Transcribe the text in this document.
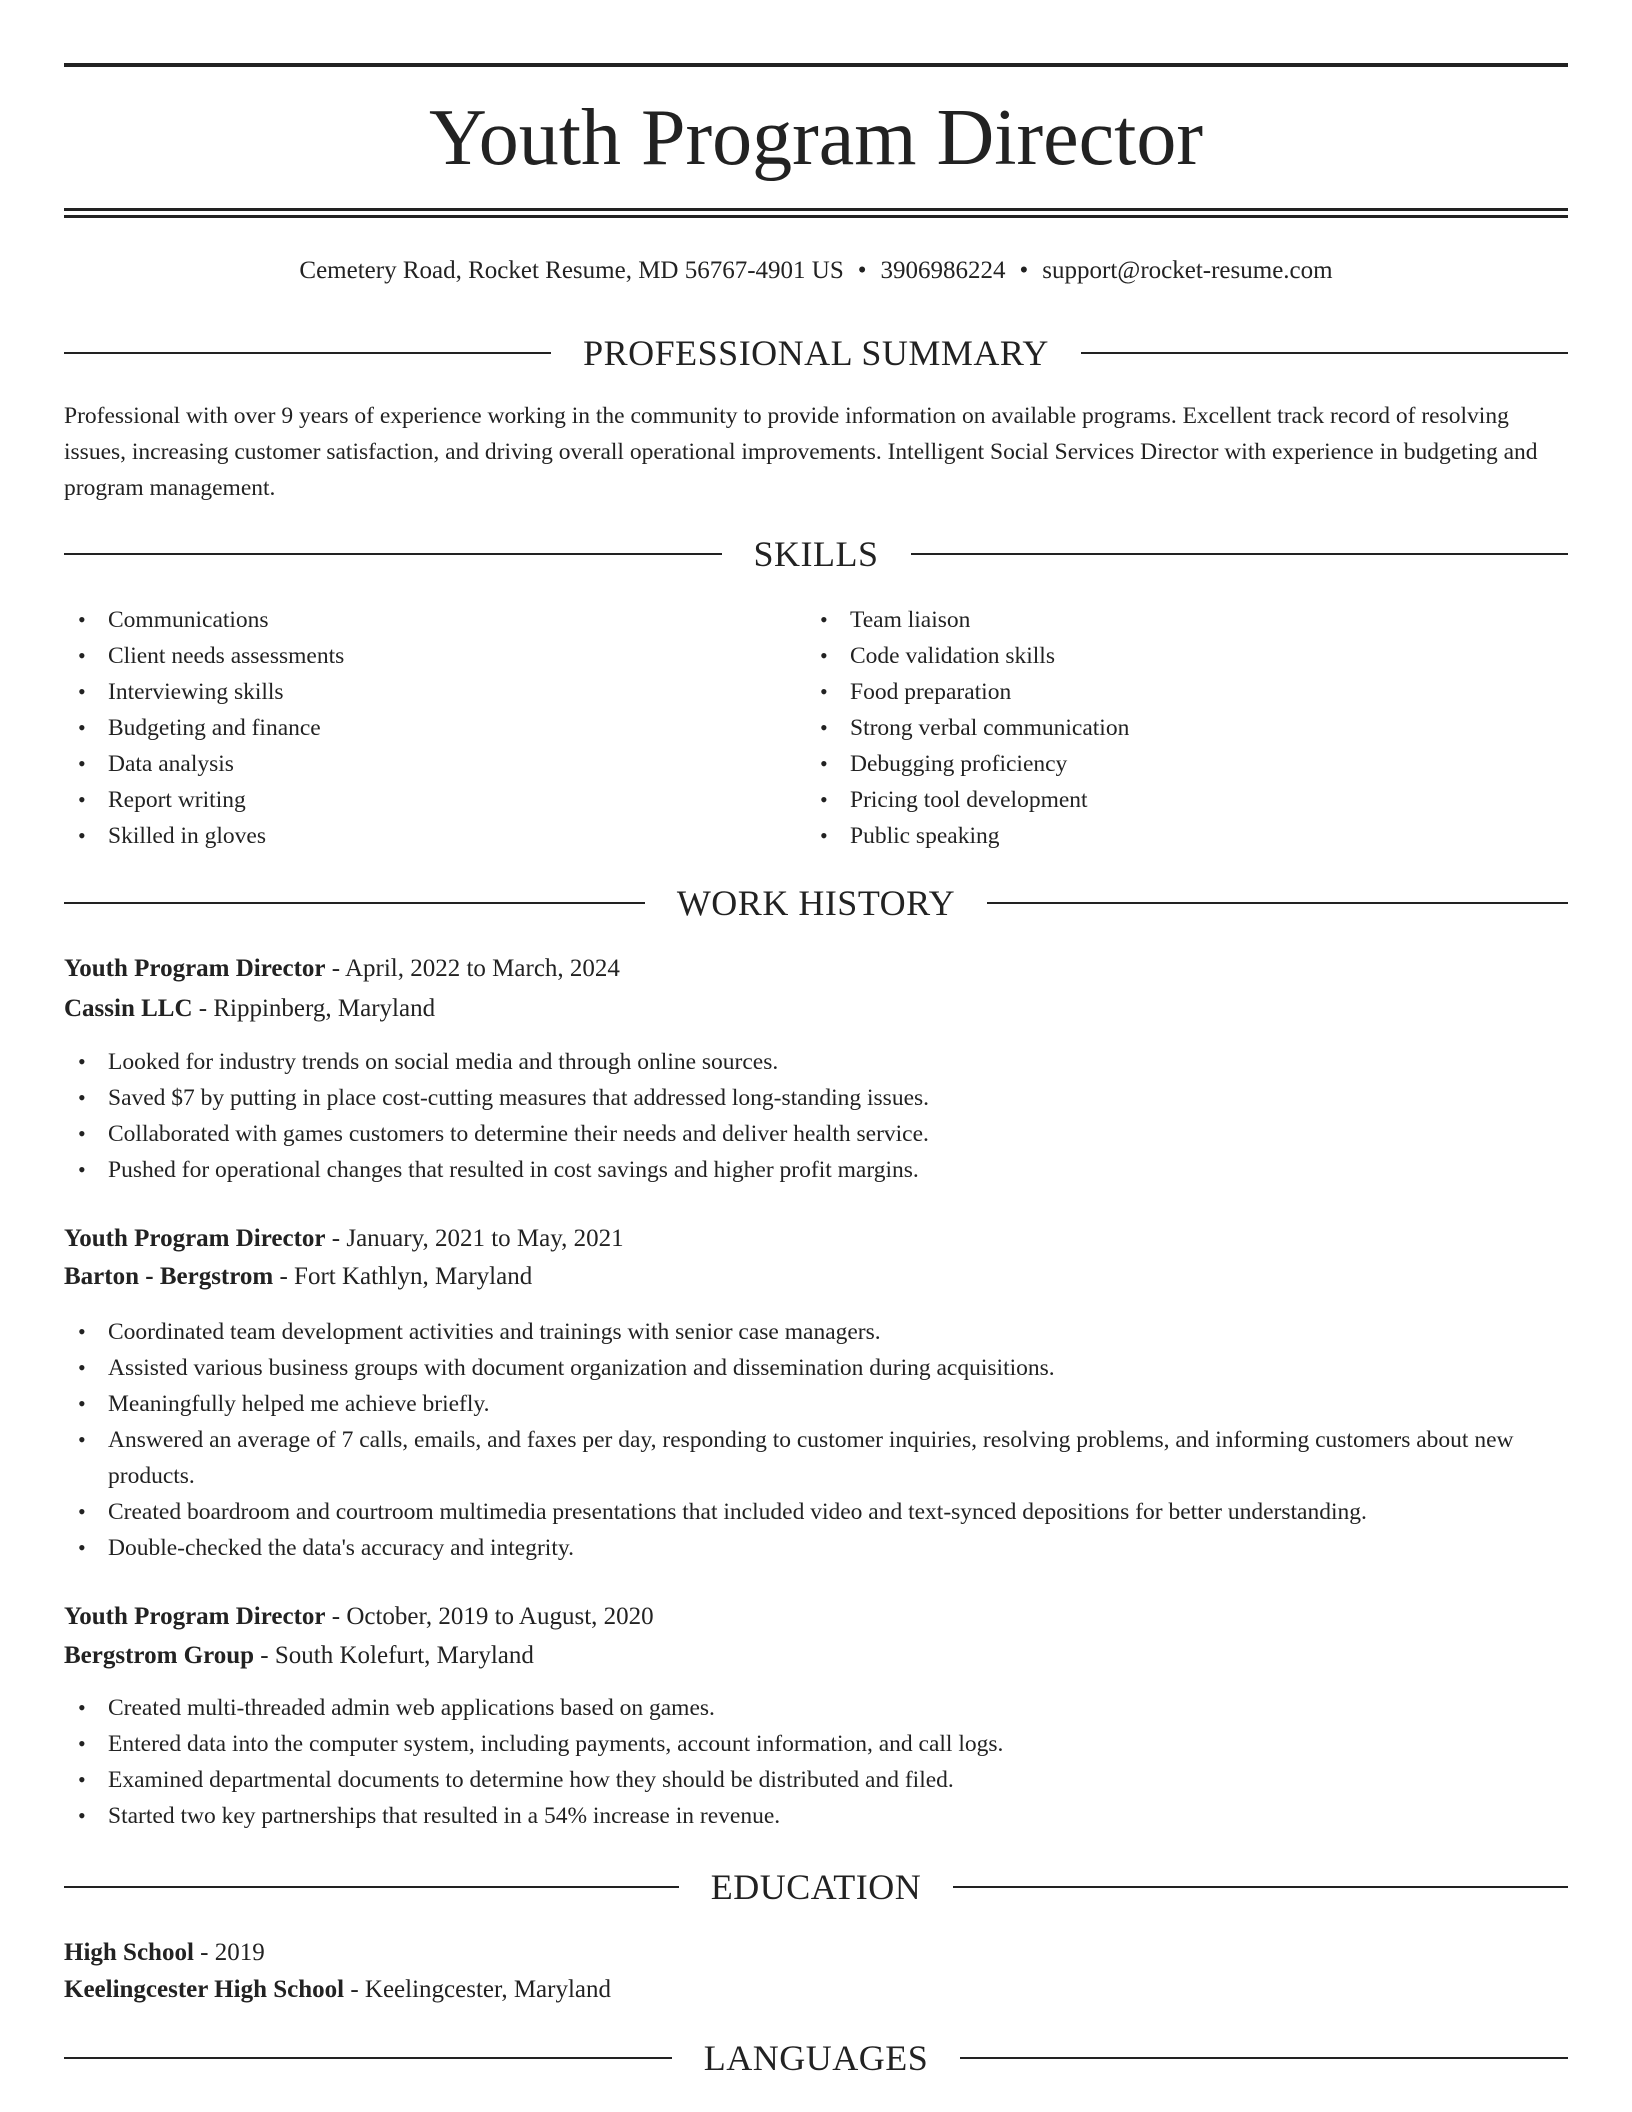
Youth Program Director
Cemetery Road, Rocket Resume, MD 56767-4901 US • 3906986224 • support@rocket-resume.com
PROFESSIONAL SUMMARY

Professional with over 9 years of experience working in the community to provide information on available programs. Excellent track record of resolving issues, increasing customer satisfaction, and driving overall operational improvements. Intelligent Social Services Director with experience in budgeting and program management.

SKILLS
• Communications
• Client needs assessments
• Interviewing skills
• Budgeting and finance
• Data analysis
• Report writing
• Skilled in gloves
• Team liaison
• Code validation skills
• Food preparation
• Strong verbal communication
• Debugging proficiency
• Pricing tool development
• Public speaking
WORK HISTORY
Youth Program Director - April, 2022 to March, 2024
Cassin LLC - Rippinberg, Maryland
• Looked for industry trends on social media and through online sources.
• Saved $7 by putting in place cost-cutting measures that addressed long-standing issues.
• Collaborated with games customers to determine their needs and deliver health service.
• Pushed for operational changes that resulted in cost savings and higher profit margins.
Youth Program Director - January, 2021 to May, 2021
Barton - Bergstrom - Fort Kathlyn, Maryland
• Coordinated team development activities and trainings with senior case managers.
• Assisted various business groups with document organization and dissemination during acquisitions.
• Meaningfully helped me achieve briefly.
• Answered an average of 7 calls, emails, and faxes per day, responding to customer inquiries, resolving problems, and informing customers about new products.
• Created boardroom and courtroom multimedia presentations that included video and text-synced depositions for better understanding.
• Double-checked the data's accuracy and integrity.
Youth Program Director - October, 2019 to August, 2020
Bergstrom Group - South Kolefurt, Maryland
• Created multi-threaded admin web applications based on games.
• Entered data into the computer system, including payments, account information, and call logs.
• Examined departmental documents to determine how they should be distributed and filed.
• Started two key partnerships that resulted in a 54% increase in revenue.
EDUCATION
High School - 2019
Keelingcester High School - Keelingcester, Maryland
LANGUAGES
